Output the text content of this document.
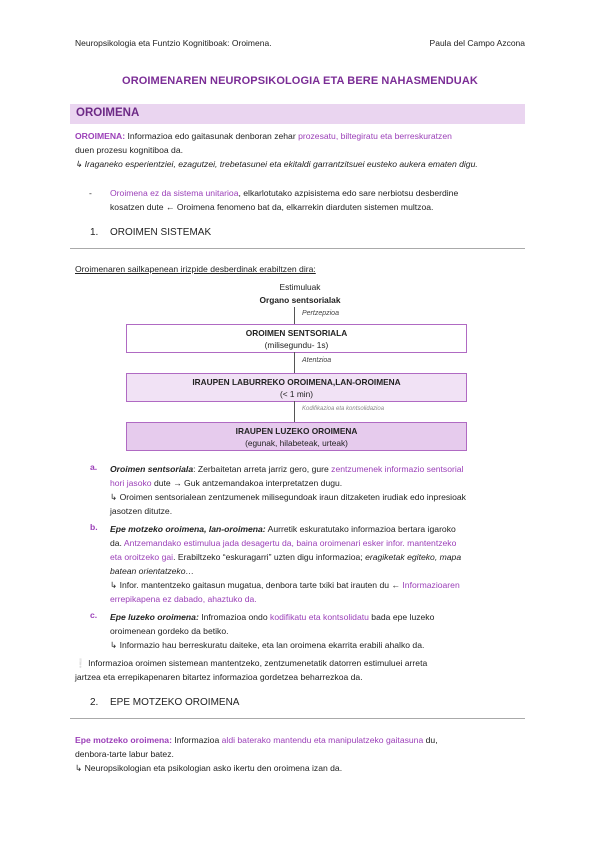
Neuropsikologia eta Funtzio Kognitiboak: Oroimena.	Paula del Campo Azcona
OROIMENAREN NEUROPSIKOLOGIA ETA BERE NAHASMENDUAK
OROIMENA
OROIMENA: Informazioa edo gaitasunak denboran zehar prozesatu, biltegiratu eta berreskuratzen
duen prozesu kognitiboa da.
↳ Iraganeko esperientziei, ezagutzei, trebetasunei eta ekitaldi garrantzitsuei eusteko aukera ematen digu.
- Oroimena ez da sistema unitarioa, elkarlotutako azpisistema edo sare nerbiotsu desberdine
kosatzen dute ← Oroimena fenomeno bat da, elkarrekin diarduten sistemen multzoa.
1. OROIMEN SISTEMAK
Oroimenaren sailkapenean irizpide desberdinak erabiltzen dira:
Estimuluak
Organo sentsorialak
Pertzepzioa
OROIMEN SENTSORIALA
(milisegundu- 1s)
Atentzioa
IRAUPEN LABURREKO OROIMENA,LAN-OROIMENA
(< 1 min)
Kodifikazioa eta kontsolidazioa
IRAUPEN LUZEKO OROIMENA
(egunak, hilabeteak, urteak)
a. Oroimen sentsoriala: Zerbaitetan arreta jarriz gero, gure zentzumenek informazio sentsorial
hori jasoko dute → Guk antzemandakoa interpretatzen dugu.
↳ Oroimen sentsorialean zentzumenek milisegundoak iraun ditzaketen irudiak edo inpresioak
jasotzen ditutze.
b. Epe motzeko oroimena, lan-oroimena: Aurretik eskuratutako informazioa bertara igaroko
da. Antzemandako estimulua jada desagertu da, baina oroimenari esker infor. mantentzeko
eta oroitzeko gai. Erabiltzeko “eskuragarri” uzten digu informazioa; eragiketak egiteko, mapa
batean orientatzeko…
↳ Infor. mantentzeko gaitasun mugatua, denbora tarte txiki bat irauten du ← Informazioaren
errepikapena ez dabado, ahaztuko da.
c. Epe luzeko oroimena: Infromazioa ondo kodifikatu eta kontsolidatu bada epe luzeko
oroimenean gordeko da betiko.
↳ Informazio hau berreskuratu daiteke, eta lan oroimena ekarrita erabili ahalko da.
❕ Informazioa oroimen sistemean mantentzeko, zentzumenetatik datorren estimuluei arreta
jartzea eta errepikapenaren bitartez informazioa gordetzea beharrezkoa da.
2. EPE MOTZEKO OROIMENA
Epe motzeko oroimena: Informazioa aldi baterako mantendu eta manipulatzeko gaitasuna du,
denbora-tarte labur batez.
↳ Neuropsikologian eta psikologian asko ikertu den oroimena izan da.
